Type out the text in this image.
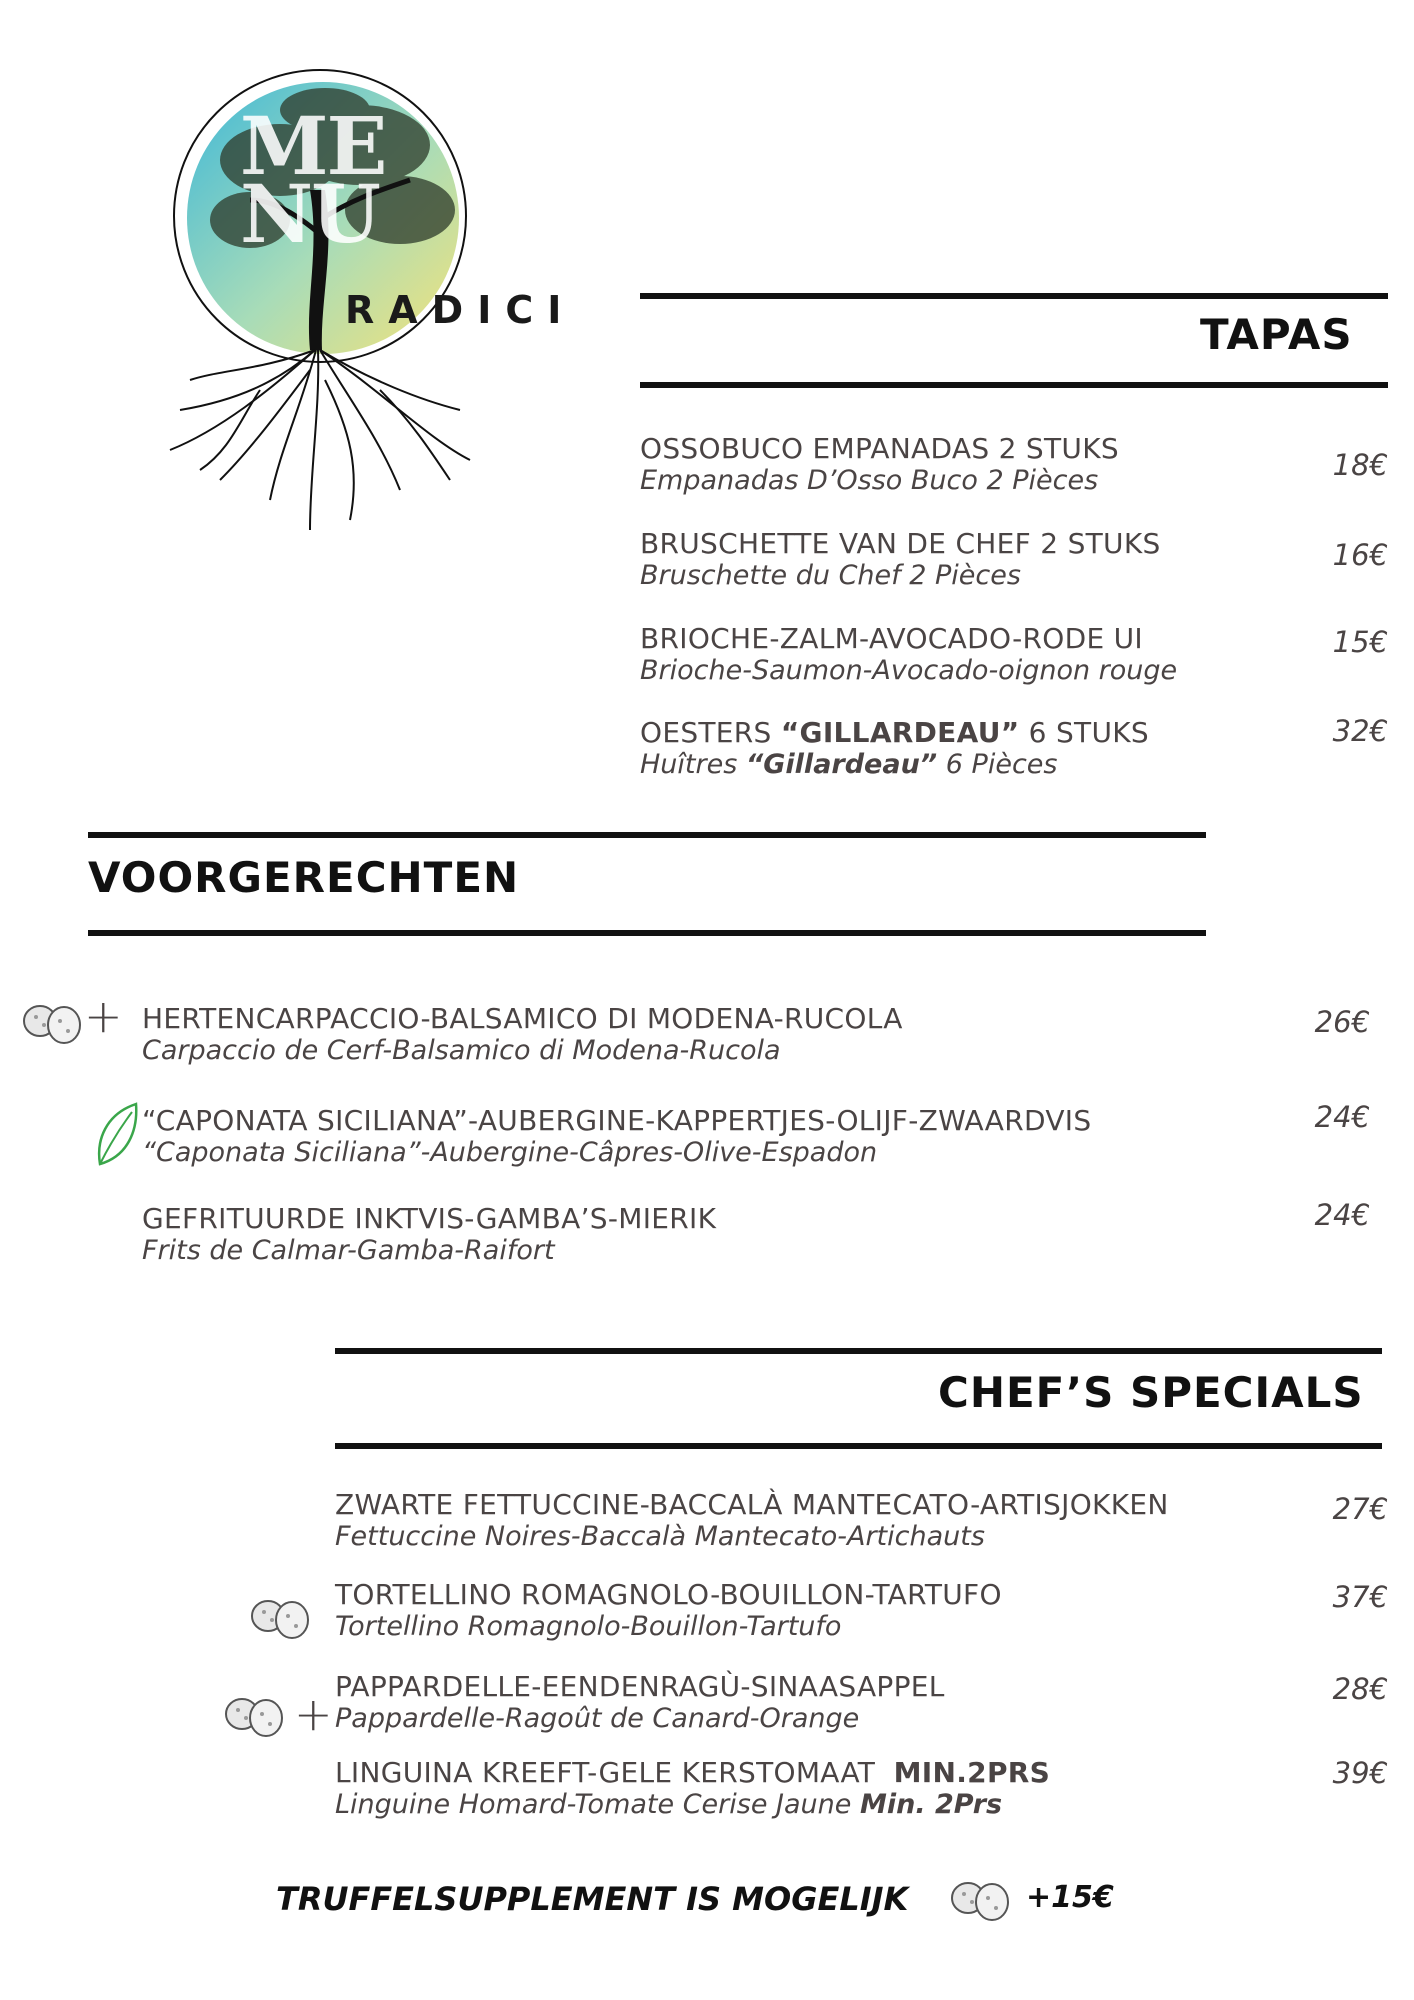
ME
NU
RADICI	TAPAS
OSSOBUCO EMPANADAS 2 STUKS
Empanadas D’Osso Buco 2 Pièces	18€
BRUSCHETTE VAN DE CHEF 2 STUKS
Bruschette du Chef 2 Pièces
16€
BRIOCHE-ZALM-AVOCADO-RODE UI
Brioche-Saumon-Avocado-oignon rouge
15€
OESTERS “GILLARDEAU” 6 STUKS
Huîtres “Gillardeau” 6 Pièces
32€
VOORGERECHTEN
+ HERTENCARPACCIO-BALSAMICO DI MODENA-RUCOLA
Carpaccio de Cerf-Balsamico di Modena-Rucola
26€
“CAPONATA SICILIANA”-AUBERGINE-KAPPERTJES-OLIJF-ZWAARDVIS
“Caponata Siciliana”-Aubergine-Câpres-Olive-Espadon
24€
GEFRITUURDE INKTVIS-GAMBA’S-MIERIK
Frits de Calmar-Gamba-Raifort
24€
CHEF’S SPECIALS
ZWARTE FETTUCCINE-BACCALÀ MANTECATO-ARTISJOKKEN
Fettuccine Noires-Baccalà Mantecato-Artichauts
27€
TORTELLINO ROMAGNOLO-BOUILLON-TARTUFO
Tortellino Romagnolo-Bouillon-Tartufo
37€
+
PAPPARDELLE-EENDENRAGÙ-SINAASAPPEL
Pappardelle-Ragoût de Canard-Orange
28€
LINGUINA KREEFT-GELE KERSTOMAAT  MIN.2PRS
Linguine Homard-Tomate Cerise Jaune Min. 2Prs
39€
TRUFFELSUPPLEMENT IS MOGELIJK	+15€
